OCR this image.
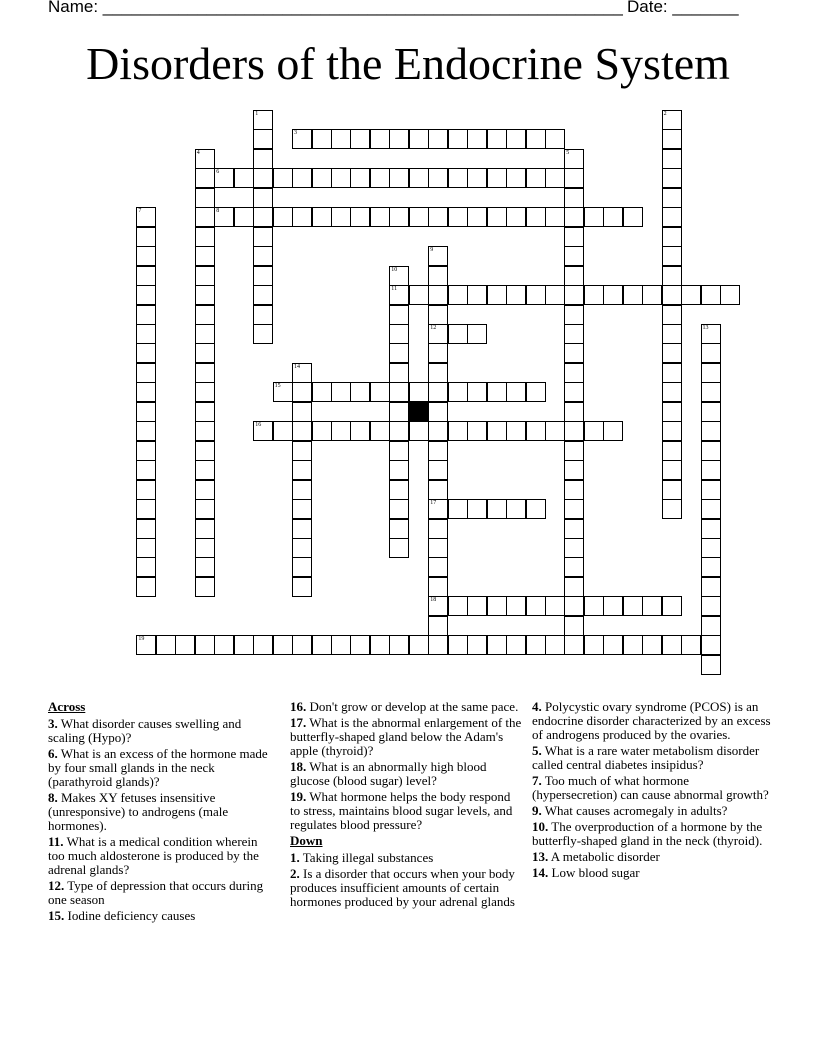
Name: _______________________________________________________ Date: _______
Disorders of the Endocrine System
3
6
8
11
12
15
16
17
18
19
1	2
4	5
7
9
10
13
14
Across
3. What disorder causes swelling and scaling (Hypo)?
6. What is an excess of the hormone made by four small glands in the neck (parathyroid glands)?
8. Makes XY fetuses insensitive (unresponsive) to androgens (male hormones).
11. What is a medical condition wherein too much aldosterone is produced by the adrenal glands?
12. Type of depression that occurs during one season
15. Iodine deficiency causes
16. Don't grow or develop at the same pace.
17. What is the abnormal enlargement of the butterfly-shaped gland below the Adam's apple (thyroid)?
18. What is an abnormally high blood glucose (blood sugar) level?
19. What hormone helps the body respond to stress, maintains blood sugar levels, and regulates blood pressure?
Down
1. Taking illegal substances
2. Is a disorder that occurs when your body produces insufficient amounts of certain hormones produced by your adrenal glands
4. Polycystic ovary syndrome (PCOS) is an endocrine disorder characterized by an excess of androgens produced by the ovaries.
5. What is a rare water metabolism disorder called central diabetes insipidus?
7. Too much of what hormone (hypersecretion) can cause abnormal growth?
9. What causes acromegaly in adults?
10. The overproduction of a hormone by the butterfly-shaped gland in the neck (thyroid).
13. A metabolic disorder
14. Low blood sugar
